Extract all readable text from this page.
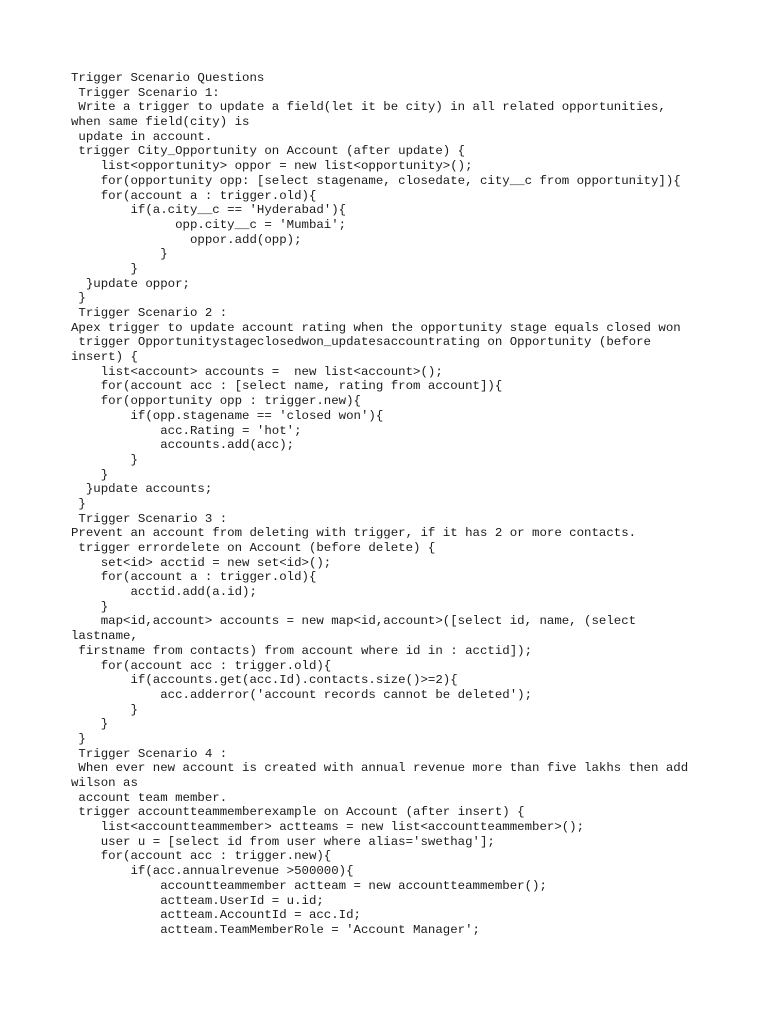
Trigger Scenario Questions
Trigger Scenario 1:
Write a trigger to update a field(let it be city) in all related opportunities,
when same field(city) is
update in account.
trigger City_Opportunity on Account (after update) {
list<opportunity> oppor = new list<opportunity>();
for(opportunity opp: [select stagename, closedate, city__c from opportunity]){
for(account a : trigger.old){
if(a.city__c == 'Hyderabad'){
opp.city__c = 'Mumbai';
oppor.add(opp);
}
}
}update oppor;
}
Trigger Scenario 2 :
Apex trigger to update account rating when the opportunity stage equals closed won
trigger Opportunitystageclosedwon_updatesaccountrating on Opportunity (before
insert) {
list<account> accounts =  new list<account>();
for(account acc : [select name, rating from account]){
for(opportunity opp : trigger.new){
if(opp.stagename == 'closed won'){
acc.Rating = 'hot';
accounts.add(acc);
}
}
}update accounts;
}
Trigger Scenario 3 :
Prevent an account from deleting with trigger, if it has 2 or more contacts.
trigger errordelete on Account (before delete) {
set<id> acctid = new set<id>();
for(account a : trigger.old){
acctid.add(a.id);
}
map<id,account> accounts = new map<id,account>([select id, name, (select
lastname,
firstname from contacts) from account where id in : acctid]);
for(account acc : trigger.old){
if(accounts.get(acc.Id).contacts.size()>=2){
acc.adderror('account records cannot be deleted');
}
}
}
Trigger Scenario 4 :
When ever new account is created with annual revenue more than five lakhs then add
wilson as
account team member.
trigger accountteammemberexample on Account (after insert) {
list<accountteammember> actteams = new list<accountteammember>();
user u = [select id from user where alias='swethag'];
for(account acc : trigger.new){
if(acc.annualrevenue >500000){
accountteammember actteam = new accountteammember();
actteam.UserId = u.id;
actteam.AccountId = acc.Id;
actteam.TeamMemberRole = 'Account Manager';
